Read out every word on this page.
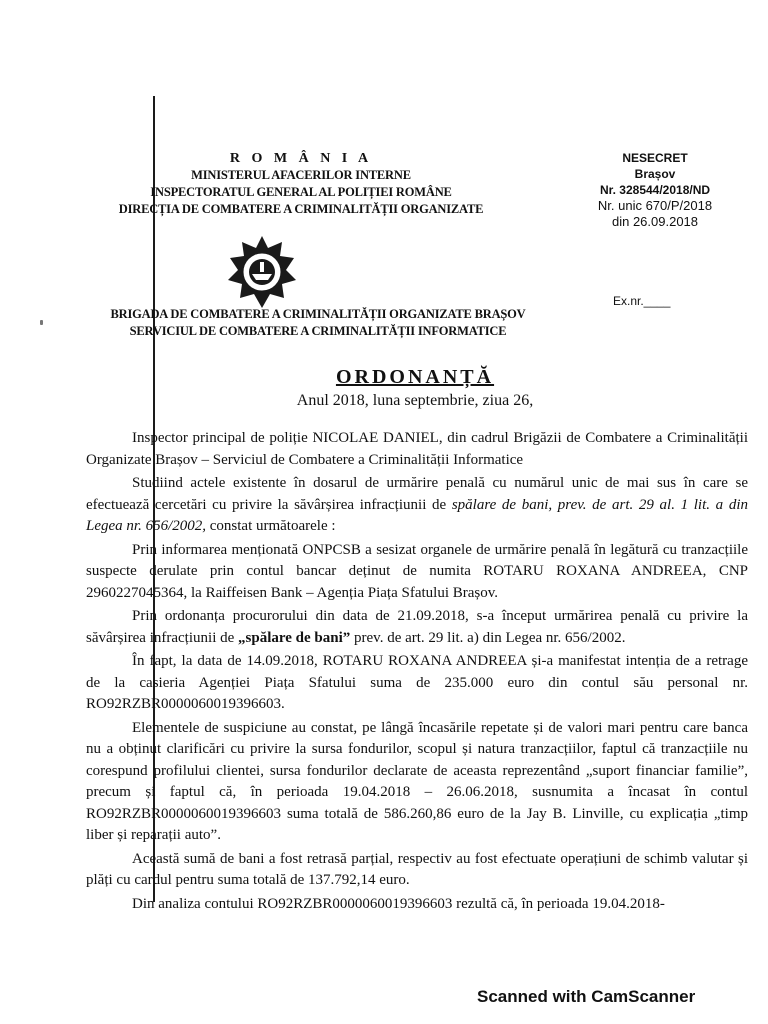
R O M Â N I A
MINISTERUL AFACERILOR INTERNE
INSPECTORATUL GENERAL AL POLIȚIEI ROMÂNE
DIRECȚIA DE COMBATERE A CRIMINALITĂȚII ORGANIZATE
NESECRET
Brașov
Nr. 328544/2018/ND
Nr. unic 670/P/2018
din 26.09.2018
Ex.nr.____
BRIGADA DE COMBATERE A CRIMINALITĂȚII ORGANIZATE BRAȘOV
SERVICIUL DE COMBATERE A CRIMINALITĂȚII INFORMATICE
ORDONANȚĂ
Anul 2018, luna septembrie, ziua 26,

Inspector principal de poliție NICOLAE DANIEL, din cadrul Brigăzii de Combatere a Criminalității Organizate Brașov – Serviciul de Combatere a Criminalității Informatice

Studiind actele existente în dosarul de urmărire penală cu numărul unic de mai sus în care se efectuează cercetări cu privire la săvârșirea infracțiunii de spălare de bani, prev. de art. 29 al. 1 lit. a din Legea nr. 656/2002, constat următoarele :

Prin informarea menționată ONPCSB a sesizat organele de urmărire penală în legătură cu tranzacțiile suspecte derulate prin contul bancar deținut de numita ROTARU ROXANA ANDREEA, CNP 2960227045364, la Raiffeisen Bank – Agenția Piața Sfatului Brașov.

Prin ordonanța procurorului din data de 21.09.2018, s-a început urmărirea penală cu privire la săvârșirea infracțiunii de „spălare de bani” prev. de art. 29 lit. a) din Legea nr. 656/2002.

În fapt, la data de 14.09.2018, ROTARU ROXANA ANDREEA și-a manifestat intenția de a retrage de la casieria Agenției Piața Sfatului suma de 235.000 euro din contul său personal nr. RO92RZBR0000060019396603.

Elementele de suspiciune au constat, pe lângă încasările repetate și de valori mari pentru care banca nu a obținut clarificări cu privire la sursa fondurilor, scopul și natura tranzacțiilor, faptul că tranzacțiile nu corespund profilului clientei, sursa fondurilor declarate de aceasta reprezentând „suport financiar familie”, precum și faptul că, în perioada 19.04.2018 – 26.06.2018, susnumita a încasat în contul RO92RZBR0000060019396603 suma totală de 586.260,86 euro de la Jay B. Linville, cu explicația „timp liber și reparații auto”.

Această sumă de bani a fost retrasă parțial, respectiv au fost efectuate operațiuni de schimb valutar și plăți cu cardul pentru suma totală de 137.792,14 euro.

Din analiza contului RO92RZBR0000060019396603 rezultă că, în perioada 19.04.2018-

Scanned with CamScanner
